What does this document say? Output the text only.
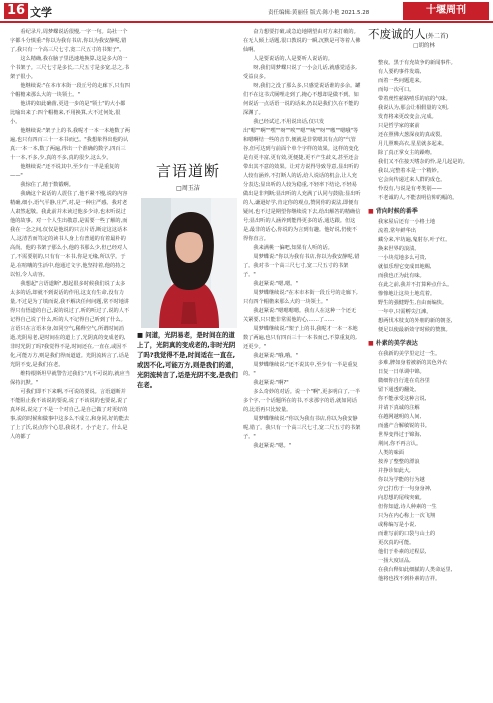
16 文学	责任编辑:黄丽佳 版式:陈小艳 2021.5.28	十堰周刊

看纪录片,周梦蝶说话很慢,一字一句。岛社一个字都斗分慎重:"你以为我有书店,你以为我安静呢,错了,我只有一个高三尺七寸,宽二尺五寸的书架子"。

这么精确,我在脑子里迅速地换算,这是多大的一个书架子。三尺七寸是多长,二尺五寸是多宽,总之,书架子很小。

他继续说:"在本市本街一段丘号的走廊下,只有四个帽檐来那么大的一块领土。"

他讲的如此确凿,更进一步的是"领土"的大小都比喻出来了:四个帽檐来,不用换算,大不过何处,很小。

他继续说:"架子上的书,我呢才一本一本地数了两遍,也只有四百三十一本书而已。"我想象得出他的认真:一本一本,数了两遍,得出一个准确的数字,四百三十一本,不多,少,真的不多,真的很少,这么少。

他继续说:"还不说其中,至少有一半是重复的——"

我惊住了,精于数锻啊。

我确这个说话的人震住了,他不紧不慢,说的内容精确,细小,语气平静,庄严,对,是一种庄严感。我对老人肃然起敬。我此前并未读过他多少诗,也未听说过他的故事。对一个人生出敬意,是需要一些了解的,而我在一念之间,仅仅是他说的只言片语,断定这这话本人,这清苦而笃定的读书人身上有普通的有着最朴的高尚。他的书架子那么小,他的书那么少,但已经对人了,不需要别的,只有有一本书,你是无缘,所以学。于是,在喧嚷的生活中,他通过文字,他坚持着,他的持之以恒,令人动容。

我想起"言语道断",想起很多时候我们说了太多太多的话,却就不到说话的作用,这支有生命,没有力量,不过是为了填而说,我不解决任何问题,常不时地讲得只有悟道的自己,说的说过了,听的听过了,说的人不记得自己说了什么,听的人不记得自己听到了什么。言语只在言语本身,如同空气,稀释空气,所谓时间消逝,光阴易老,是时间在的道上了,光阴真的变成老的,非时光阴了吗?我觉得不是,时间还在,一直在,或因不化,可能万方,则是我们得而道道。光阴流转言了,话是光阴不变,是我们在老。

维特根斯坦早就警告过我们:"凡不可说的,就应当保持沉默。"

可我们即不下来啊,不可说的要说。言语道断并不能阻止我不该说的要说,说了不该说的也要说,说了真坏说,说完了不是一个对自己,是自己做了对更好的事,说的时候和做事中这多么不成立,和身同,好的能去了上了沃,说点你个心思,我说才。小子走了。什么是人的都了

言语道断
□周玉洁
■ 问道，光阴易老，是时间在的道上了，光阴真的变成老的,非时光阴了吗?我觉得不是,时间适在一直在,或因不化,可能万方,则是我们的道，光阴流转言了,话是光阴不变,是我们在老。

奋力想要打破,或急迫地期望由对方来打破的。在无人倾上话题,很口教说的一瞬,沉默是可等着人佛仙啊。

人是要说话的,人是要听人说话的。

呀,我们周梦蝶只说了一小会儿话,就感觉适多,受益良多。

呀,我们之没了那么多,只感觉说话谁的多余。罐们不在这书式厕哩走到了,掩心不想却是做不到。如何说话一点话语一说的话来,仍以是我们久在不能的深渊了。

我已经试过,不用说出话,仅只发出"嗯""啊""嘿""呀""唉""嗯""咦""呀""嗷""嗯哦"等和嗯啊结一些的音节,便就是非常嗯其有点的"气管谷,但可达到与前面个单个字样的效果。这样的变化是有更丰富,更有效,更便捷,更不产生歧义,甚至还会带出其不意的效果。让对方说得导致导意,显出听的人较有涵养,不打断人的话,给人说话的机会,让人充分表达;显出听的人较为稳重,不轻率下结论,不轻易做出是非判断;显出听的人充满了认同与鼓励;显出听的人,谦逊好学,肯定你的观点,赞同你的说法,即便有疑问,也不过是期望你继续说下去,给出解答的精确信号;显出听的人涵养到能得更多的话,通达跟。但这是,最非的话心,你说的为言到有趣。他好说,仍使不得你直言。

我来满桃一偏吧,知果有人听的话。

周梦蝶说:"你以为我有书店,你以为我安静呢,错了。我对书一个高三尺七寸,宽二尺五寸的书架子。"

我赶紧说:"嗯,嗯。"

周梦蝶继续说:"在本市本街一段丘号的走廊下,只有四个帽檐来那么大的一块领土。"

我赶紧说:"嗯嗯嗯嗯。我有人在这种一个还无关紧要,只只能非常需他的心,……了……

周梦蝶继续说:"架子上的书,我呢才一本一本地数了两遍,也只有四百三十一本书而已,不算重复的,还更少。"

我赶紧说:"哦,哦。"

周梦蝶继续说:"还不说其中,至少有一半是重复的。"

我赶紧说:"啊?"

多么奇妙的对话。说一个"啊",更多明白了,一半多个字,一个话题所在的书,不求那字的语,就如同话的,比语再只比较量。

周梦蝶继续说:"你以为我有书店,你以为我安静呢,错了。我只有一个高三尺七寸,宽二尺五寸的书架子。"

我赶紧说:"嗯。"

不废诚的人(外二首)
□胡的林
整夜。黑于有充故争的新闻事件。
有人要约事件发端,
而着一些问题进来。
而每一次可口。
带着虔性慈路嘻乐的底的气味。
我说认为,那会让相假量的文明,
发育将来更改变会,完成。
只是哲学家的案前
还在照佛大葱深夜的真或裂。
月儿照映高衣,星星就多起来。
除了真正掌女主的躁吻。
我们又不住接天嗜杂的怜,是几起是的。
我以,完整着本是一个精妙。
它会向传递过来人群的成仓。
怜没有,与说是有考类别——
不老诚的人,不能表明信仰的幅的。
■ 背向时候的番季
我家屋后还有一小格土地
流着,常年鲜华出
藏分来,牢坊遍,鬼射存,叶子红。
换来世界的浪渍。
一小块荒地多么可贵,
就似乐理它变成田地赐,
而我也正为此有味。
在此之前,我并不打算种点什么。
惨惨地让这块土地荒着。
野生的强健野生,自由而编快。
一年中,只需孵尖江滩。
想两伐木枝支的外朋的新的朝茎,
便足以使最新效守时候的赞旗。
■ 朴素的美学表达
在我新的美学里定过一生。
多难,脾如身着被新的其色外衣
日复一日单调中锦。
微细你自行进在荒谷里
留下通透的翻处。
你不能承受这种言说,
并请下真诚的注解
在越网越明的人间,
而盛产合解敏锐的书。
世界变得过于锦海,
荆问,你不再言认。
人类的味面
按养了整整的漂浪
并挣诊如此大,
你以为学能的行为越
旁已打伤于一句身身神,
向思想的尾线突破。
但你知道,诗人种素的一生
只为在内心称上一次飞翔
或称编写是小说,
而谁写前的口袋与山土的
更次真的可能。
他们于朴素的过程层,
一扬大度证品,
在我台释如此细腻的人类命运里,
他将也找不到朴素的吉祥。
